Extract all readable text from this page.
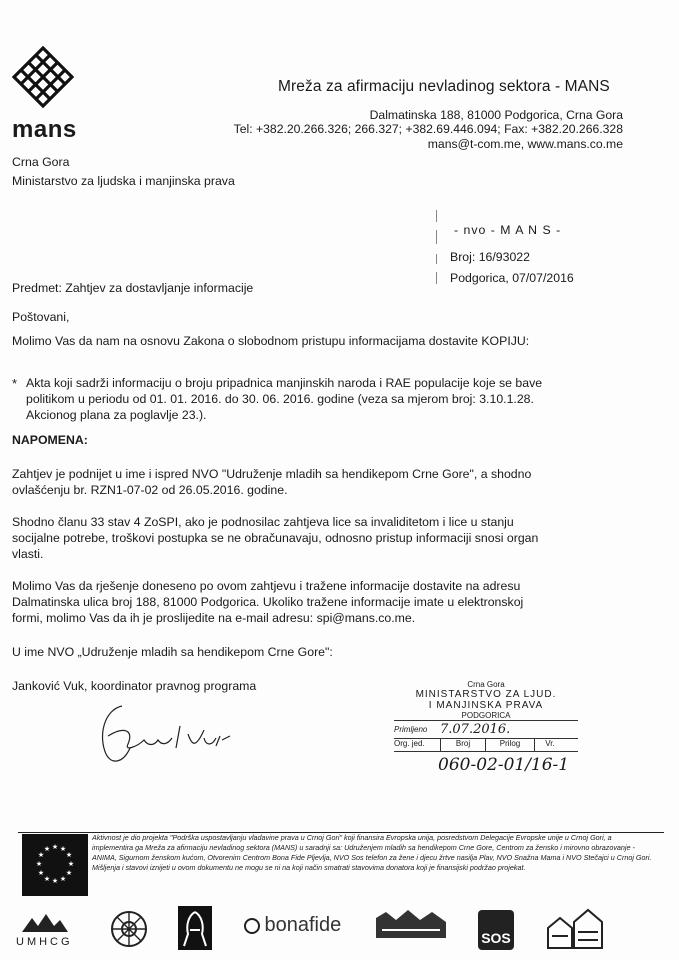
mans
Mreža za afirmaciju nevladinog sektora - MANS
Dalmatinska 188, 81000 Podgorica, Crna Gora
Tel: +382.20.266.326; 266.327; +382.69.446.094; Fax: +382.20.266.328
mans@t-com.me, www.mans.co.me
Crna Gora
Ministarstvo za ljudska i manjinska prava
- nvo - M A N S -
Broj: 16/93022
Podgorica, 07/07/2016
Predmet: Zahtjev za dostavljanje informacije
Poštovani,
Molimo Vas da nam na osnovu Zakona o slobodnom pristupu informacijama dostavite KOPIJU:
* Akta koji sadrži informaciju o broju pripadnica manjinskih naroda i RAE populacije koje se bave
politikom u periodu od 01. 01. 2016. do 30. 06. 2016. godine (veza sa mjerom broj: 3.10.1.28.
Akcionog plana za poglavlje 23.).
NAPOMENA:
Zahtjev je podnijet u ime i ispred NVO "Udruženje mladih sa hendikepom Crne Gore", a shodno
ovlašćenju br. RZN1-07-02 od 26.05.2016. godine.
Shodno članu 33 stav 4 ZoSPI, ako je podnosilac zahtjeva lice sa invaliditetom i lice u stanju
socijalne potrebe, troškovi postupka se ne obračunavaju, odnosno pristup informaciji snosi organ
vlasti.
Molimo Vas da rješenje doneseno po ovom zahtjevu i tražene informacije dostavite na adresu
Dalmatinska ulica broj 188, 81000 Podgorica. Ukoliko tražene informacije imate u elektronskoj
formi, molimo Vas da ih je proslijedite na e-mail adresu: spi@mans.co.me.
U ime NVO „Udruženje mladih sa hendikepom Crne Gore":
Janković Vuk, koordinator pravnog programa	Crna Gora
MINISTARSTVO ZA LJUD.
I MANJINSKA PRAVA
PODGORICA
Primljeno 7.07.2016.
Org. jed.	Broj	Prilog	Vr.
060-02-01/16-1
★ ★
★
★
★
★
★
★
★
★
★
★
Aktivnost je dio projekta "Podrška uspostavljanju vladavine prava u Crnoj Gori" koji finansira Evropska unija, posredstvom Delegacije Evropske unije u Crnoj Gori, a implementira ga Mreža za afirmaciju nevladinog sektora (MANS) u saradnji sa: Udruženjem mladih sa hendikepom Crne Gore, Centrom za žensko i mirovno obrazovanje - ANIMA, Sigurnom ženskom kućom, Otvorenim Centrom Bona Fide Pljevlja, NVO Sos telefon za žene i djecu žrtve nasilja Plav, NVO Snažna Mama i NVO Stečajci u Crnoj Gori. Mišljenja i stavovi izniјeti u ovom dokumentu ne mogu se ni na koji način smatrati stavovima donatora koji je finansijski podržao projekat.
UMHCG
bonafide
SOS
